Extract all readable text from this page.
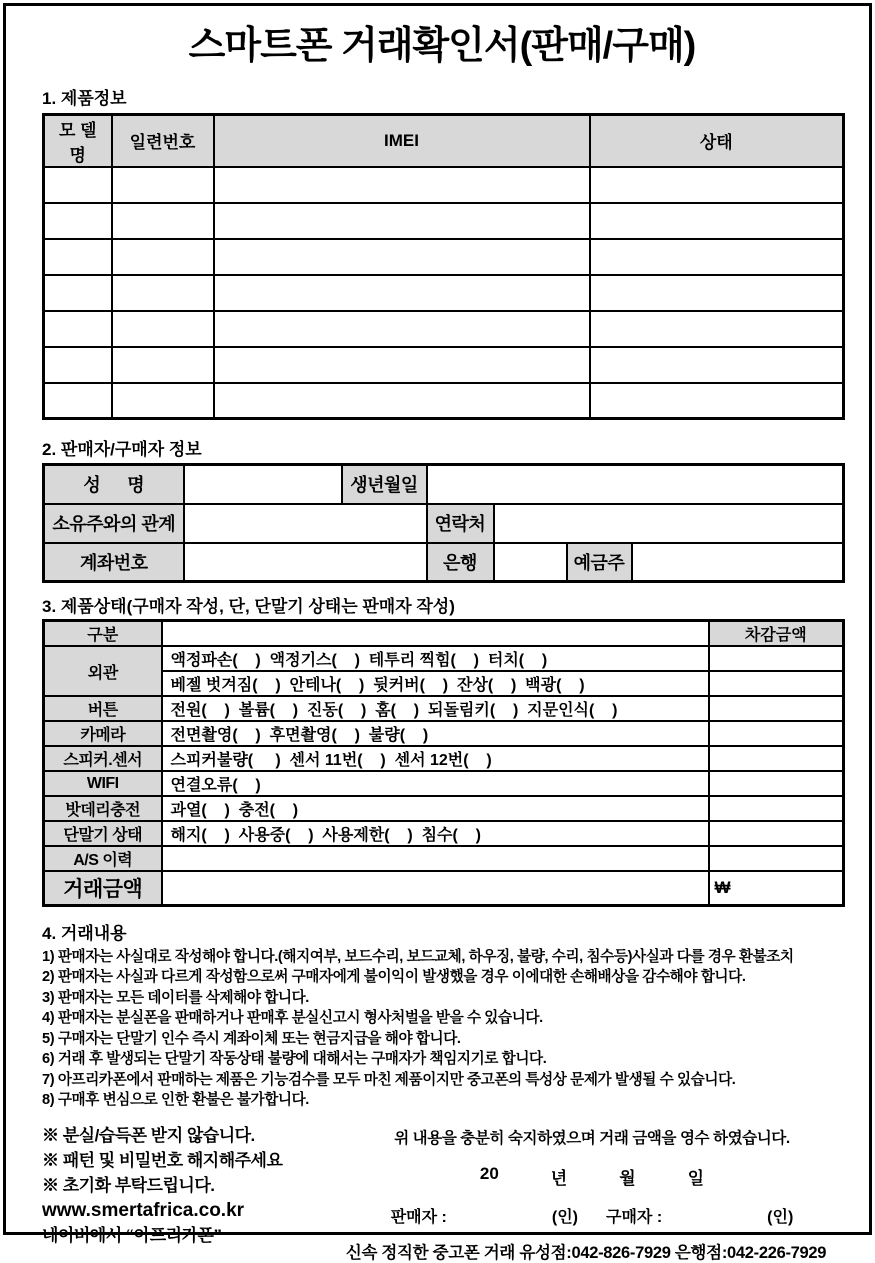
스마트폰 거래확인서(판매/구매)
1. 제품정보
모 델 명	일련번호	IMEI	상태

2. 판매자/구매자 정보
성      명		생년월일				
소유주와의 관계			연락처			
계좌번호			은행		예금주	
3. 제품상태(구매자 작성, 단, 단말기 상태는 판매자 작성)
구분		차감금액
외관	액정파손(    )  액정기스(    )  테투리 찍힘(    )  터치(    )	
	베젤 벗겨짐(    )  안테나(    )  뒷커버(    )  잔상(    )  백광(    )	
버튼	전원(    )  볼륨(    )  진동(    )  홈(    )  되돌림키(    )  지문인식(    )	
카메라	전면촬영(    )  후면촬영(    )  불량(    )	
스피커.센서	스피커불량(     )  센서 11번(    )  센서 12번(    )	
WIFI	연결오류(    )	
밧데리충전	과열(    )  충전(    )	
단말기 상태	해지(    )  사용중(    )  사용제한(    )  침수(    )	
A/S 이력		
거래금액		₩
4. 거래내용
1) 판매자는 사실대로 작성해야 합니다.(해지여부, 보드수리, 보드교체, 하우징, 불량, 수리, 침수등)사실과 다를 경우 환불조치
2) 판매자는 사실과 다르게 작성함으로써 구매자에게 불이익이 발생했을 경우 이에대한 손해배상을 감수해야 합니다.
3) 판매자는 모든 데이터를 삭제해야 합니다.
4) 판매자는 분실폰을 판매하거나 판매후 분실신고시 형사처벌을 받을 수 있습니다.
5) 구매자는 단말기 인수 즉시 계좌이체 또는 현금지급을 해야 합니다.
6) 거래 후 발생되는 단말기 작동상태 불량에 대해서는 구매자가 책임지기로 합니다.
7) 아프리카폰에서 판매하는 제품은 기능검수를 모두 마친 제품이지만 중고폰의 특성상 문제가 발생될 수 있습니다.
8) 구매후 변심으로 인한 환불은 불가합니다.
※ 분실/습득폰 받지 않습니다.
※ 패턴 및 비밀번호 해지해주세요
※ 초기화 부탁드립니다.
www.smertafrica.co.kr
네이버에서 “아프리카폰”
위 내용을 충분히 숙지하였으며 거래 금액을 영수 하였습니다.
20	년	월	일
판매자 :	(인) 구매자 :	(인)
신속 정직한 중고폰 거래 유성점:042-826-7929 은행점:042-226-7929
